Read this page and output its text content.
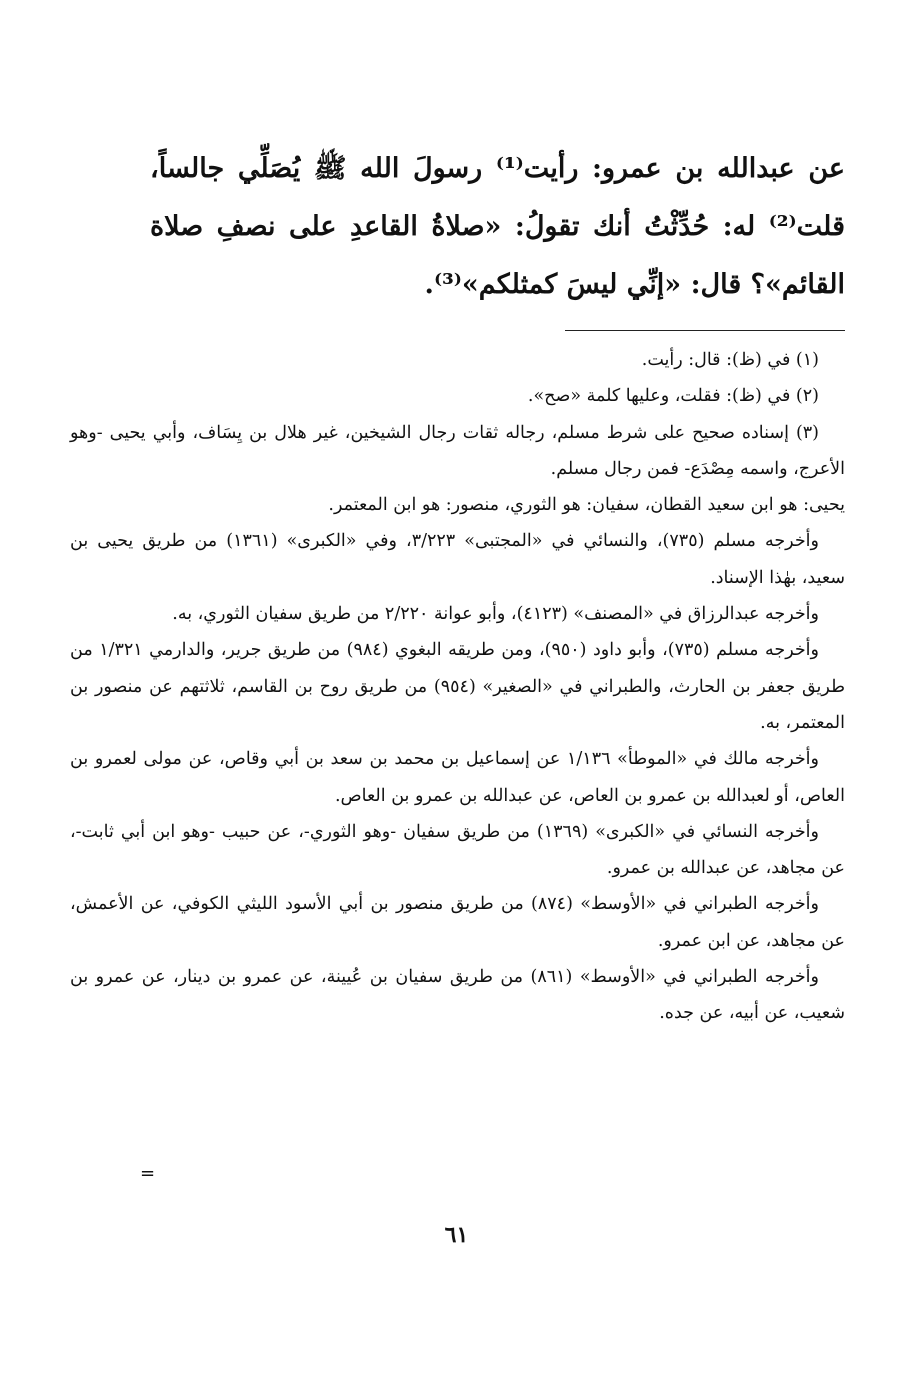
عن عبدالله بن عمرو: رأيت⁽¹⁾ رسولَ الله ﷺ يُصَلِّي جالساً، قلت⁽²⁾ له: حُدِّثْتُ أنك تقولُ: «صلاةُ القاعدِ على نصفِ صلاة القائم»؟ قال: «إنِّي ليسَ كمثلكم»⁽³⁾.

(١) في (ظ): قال: رأيت.

(٢) في (ظ): فقلت، وعليها كلمة «صح».

(٣) إسناده صحيح على شرط مسلم، رجاله ثقات رجال الشيخين، غير هلال بن يِسَاف، وأبي يحيى -وهو الأعرج، واسمه مِصْدَع- فمن رجال مسلم.

يحيى: هو ابن سعيد القطان، سفيان: هو الثوري، منصور: هو ابن المعتمر.

وأخرجه مسلم (٧٣٥)، والنسائي في «المجتبى» ٣/٢٢٣، وفي «الكبرى» (١٣٦١) من طريق يحيى بن سعيد، بهٰذا الإسناد.

وأخرجه عبدالرزاق في «المصنف» (٤١٢٣)، وأبو عوانة ٢/٢٢٠ من طريق سفيان الثوري، به.

وأخرجه مسلم (٧٣٥)، وأبو داود (٩٥٠)، ومن طريقه البغوي (٩٨٤) من طريق جرير، والدارمي ١/٣٢١ من طريق جعفر بن الحارث، والطبراني في «الصغير» (٩٥٤) من طريق روح بن القاسم، ثلاثتهم عن منصور بن المعتمر، به.

وأخرجه مالك في «الموطأ» ١/١٣٦ عن إسماعيل بن محمد بن سعد بن أبي وقاص، عن مولى لعمرو بن العاص، أو لعبدالله بن عمرو بن العاص، عن عبدالله بن عمرو بن العاص.

وأخرجه النسائي في «الكبرى» (١٣٦٩) من طريق سفيان -وهو الثوري-، عن حبيب -وهو ابن أبي ثابت-، عن مجاهد، عن عبدالله بن عمرو.

وأخرجه الطبراني في «الأوسط» (٨٧٤) من طريق منصور بن أبي الأسود الليثي الكوفي، عن الأعمش، عن مجاهد، عن ابن عمرو.

وأخرجه الطبراني في «الأوسط» (٨٦١) من طريق سفيان بن عُيينة، عن عمرو بن دينار، عن عمرو بن شعيب، عن أبيه، عن جده.

=
٦١
